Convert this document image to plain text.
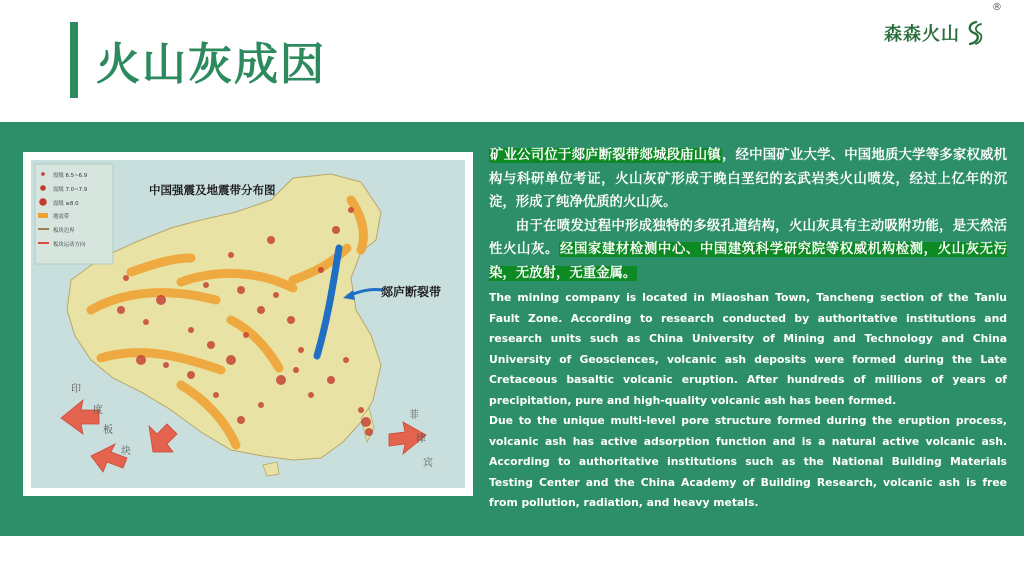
火山灰成因
森森火山
®
震级 6.5~6.9
震级 7.0~7.9
震级 ≥8.0
地震带
板块边界
板块运动方向
中国强震及地震带分布图
郯庐断裂带
印
度
板
块
菲
律
宾

矿业公司位于郯庐断裂带郯城段庙山镇，经中国矿业大学、中国地质大学等多家权威机构与科研单位考证，火山灰矿形成于晚白垩纪的玄武岩类火山喷发，经过上亿年的沉淀，形成了纯净优质的火山灰。

由于在喷发过程中形成独特的多级孔道结构，火山灰具有主动吸附功能，是天然活性火山灰。经国家建材检测中心、中国建筑科学研究院等权威机构检测，火山灰无污染，无放射，无重金属。

The mining company is located in Miaoshan Town, Tancheng section of the Tanlu Fault Zone. According to research conducted by authoritative institutions and research units such as China University of Mining and Technology and China University of Geosciences, volcanic ash deposits were formed during the Late Cretaceous basaltic volcanic eruption. After hundreds of millions of years of precipitation, pure and high-quality volcanic ash has been formed.

Due to the unique multi-level pore structure formed during the eruption process, volcanic ash has active adsorption function and is a natural active volcanic ash. According to authoritative institutions such as the National Building Materials Testing Center and the China Academy of Building Research, volcanic ash is free from pollution, radiation, and heavy metals.
